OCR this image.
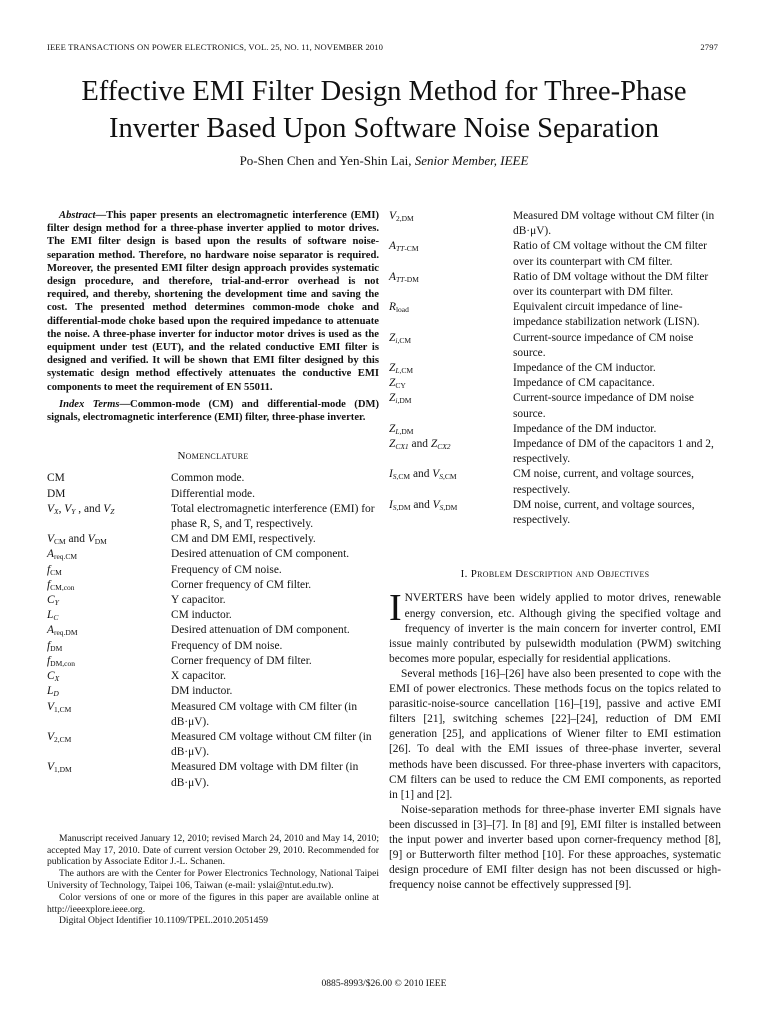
IEEE TRANSACTIONS ON POWER ELECTRONICS, VOL. 25, NO. 11, NOVEMBER 2010	2797
Effective EMI Filter Design Method for Three-Phase
Inverter Based Upon Software Noise Separation
Po-Shen Chen and Yen-Shin Lai, Senior Member, IEEE
Abstract—This paper presents an electromagnetic interference (EMI) filter design method for a three-phase inverter applied to motor drives. The EMI filter design is based upon the results of software noise-separation method. Therefore, no hardware noise separator is required. Moreover, the presented EMI filter design approach provides systematic design procedure, and therefore, trial-and-error overhead is not required, and thereby, shortening the development time and saving the cost. The presented method determines common-mode choke and differential-mode choke based upon the required impedance to attenuate the noise. A three-phase inverter for inductor motor drives is used as the equipment under test (EUT), and the related conductive EMI filter is designed and verified. It will be shown that EMI filter designed by this systematic design method effectively attenuates the conductive EMI components to meet the requirement of EN 55011.
Index Terms—Common-mode (CM) and differential-mode (DM) signals, electromagnetic interference (EMI) filter, three-phase inverter.
Nomenclature
CM	Common mode.
DM	Differential mode.
$V_X$, $V_Y$ , and $V_Z$	Total electromagnetic interference (EMI) for phase R, S, and T, respectively.
$V_{CM}$ and $V_{DM}$	CM and DM EMI, respectively.
$A_{req.CM}$	Desired attenuation of CM component.
$f_{CM}$	Frequency of CM noise.
$f_{CM,con}$	Corner frequency of CM filter.
$C_Y$	Y capacitor.
$L_C$	CM inductor.
$A_{req.DM}$	Desired attenuation of DM component.
$f_{DM}$	Frequency of DM noise.
$f_{DM,con}$	Corner frequency of DM filter.
$C_X$	X capacitor.
$L_D$	DM inductor.
$V_{1,CM}$	Measured CM voltage with CM filter (in dB·μV).
$V_{2,CM}$	Measured CM voltage without CM filter (in dB·μV).
$V_{1,DM}$	Measured DM voltage with DM filter (in dB·μV).

Manuscript received January 12, 2010; revised March 24, 2010 and May 14, 2010; accepted May 17, 2010. Date of current version October 29, 2010. Recommended for publication by Associate Editor J.-L. Schanen.

The authors are with the Center for Power Electronics Technology, National Taipei University of Technology, Taipei 106, Taiwan (e-mail: yslai@ntut.edu.tw).

Color versions of one or more of the figures in this paper are available online at http://ieeexplore.ieee.org.

Digital Object Identifier 10.1109/TPEL.2010.2051459

$V_{2,DM}$	Measured DM voltage without CM filter (in dB·μV).
$A_{TT-CM}$	Ratio of CM voltage without the CM filter over its counterpart with CM filter.
$A_{TT-DM}$	Ratio of DM voltage without the DM filter over its counterpart with DM filter.
$R_{load}$	Equivalent circuit impedance of line-impedance stabilization network (LISN).
$Z_{i,CM}$	Current-source impedance of CM noise source.
$Z_{L,CM}$	Impedance of the CM inductor.
$Z_{CY}$	Impedance of CM capacitance.
$Z_{i,DM}$	Current-source impedance of DM noise source.
$Z_{L,DM}$	Impedance of the DM inductor.
$Z_{CX1}$ and $Z_{CX2}$	Impedance of DM of the capacitors 1 and 2, respectively.
$I_{S,CM}$ and $V_{S,CM}$	CM noise, current, and voltage sources, respectively.
$I_{S,DM}$ and $V_{S,DM}$	DM noise, current, and voltage sources, respectively.
I. Problem Description and Objectives

INVERTERS have been widely applied to motor drives, renewable energy conversion, etc. Although giving the specified voltage and frequency of inverter is the main concern for inverter control, EMI issue mainly contributed by pulsewidth modulation (PWM) switching becomes more popular, especially for residential applications.

Several methods [16]–[26] have also been presented to cope with the EMI of power electronics. These methods focus on the topics related to parasitic-noise-source cancellation [16]–[19], passive and active EMI filters [21], switching schemes [22]–[24], reduction of DM EMI generation [25], and applications of Wiener filter to EMI estimation [26]. To deal with the EMI issues of three-phase inverter, several methods have been discussed. For three-phase inverters with capacitors, CM filters can be used to reduce the CM EMI components, as reported in [1] and [2].

Noise-separation methods for three-phase inverter EMI signals have been discussed in [3]–[7]. In [8] and [9], EMI filter is installed between the input power and inverter based upon corner-frequency method [8], [9] or Butterworth filter method [10]. For these approaches, systematic design procedure of EMI filter design has not been discussed or high-frequency noise cannot be effectively suppressed [9].

0885-8993/$26.00 © 2010 IEEE
